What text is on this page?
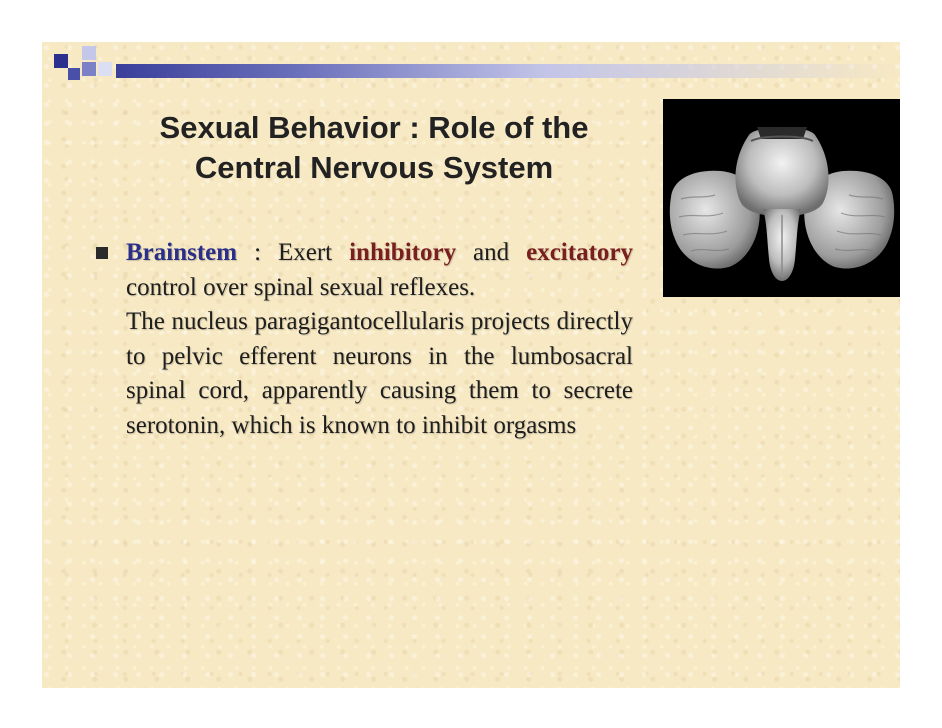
Sexual Behavior : Role of the
Central Nervous System
Brainstem : Exert inhibitory and excitatory control over spinal sexual reflexes.

The nucleus paragigantocellularis projects directly to pelvic efferent neurons in the lumbosacral spinal cord, apparently causing them to secrete serotonin, which is known to inhibit orgasms
